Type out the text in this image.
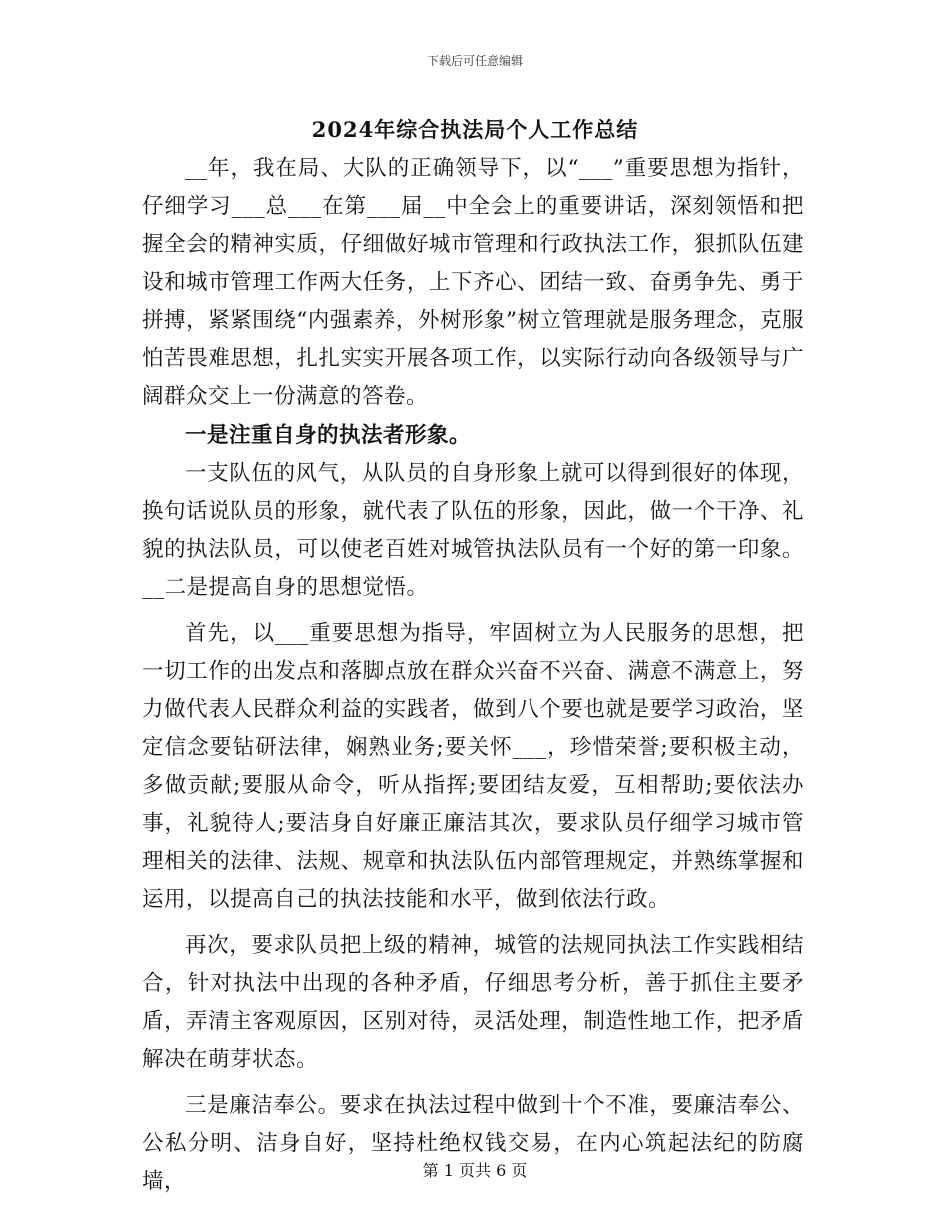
下载后可任意编辑
2024年综合执法局个人工作总结

__年，我在局、大队的正确领导下，以“___”重要思想为指针，仔细学习___总___在第___届__中全会上的重要讲话，深刻领悟和把握全会的精神实质，仔细做好城市管理和行政执法工作，狠抓队伍建设和城市管理工作两大任务，上下齐心、团结一致、奋勇争先、勇于拼搏，紧紧围绕“内强素养，外树形象”树立管理就是服务理念，克服怕苦畏难思想，扎扎实实开展各项工作，以实际行动向各级领导与广阔群众交上一份满意的答卷。

一是注重自身的执法者形象。

一支队伍的风气，从队员的自身形象上就可以得到很好的体现，换句话说队员的形象，就代表了队伍的形象，因此，做一个干净、礼貌的执法队员，可以使老百姓对城管执法队员有一个好的第一印象。__二是提高自身的思想觉悟。

首先，以___重要思想为指导，牢固树立为人民服务的思想，把一切工作的出发点和落脚点放在群众兴奋不兴奋、满意不满意上，努力做代表人民群众利益的实践者，做到八个要也就是要学习政治，坚定信念要钻研法律，娴熟业务;要关怀___，珍惜荣誉;要积极主动，多做贡献;要服从命令，听从指挥;要团结友爱，互相帮助;要依法办事，礼貌待人;要洁身自好廉正廉洁其次，要求队员仔细学习城市管理相关的法律、法规、规章和执法队伍内部管理规定，并熟练掌握和运用，以提高自己的执法技能和水平，做到依法行政。

再次，要求队员把上级的精神，城管的法规同执法工作实践相结合，针对执法中出现的各种矛盾，仔细思考分析，善于抓住主要矛盾，弄清主客观原因，区别对待，灵活处理，制造性地工作，把矛盾解决在萌芽状态。

三是廉洁奉公。要求在执法过程中做到十个不准，要廉洁奉公、公私分明、洁身自好，坚持杜绝权钱交易，在内心筑起法纪的防腐墙，	第 1 页共 6 页
